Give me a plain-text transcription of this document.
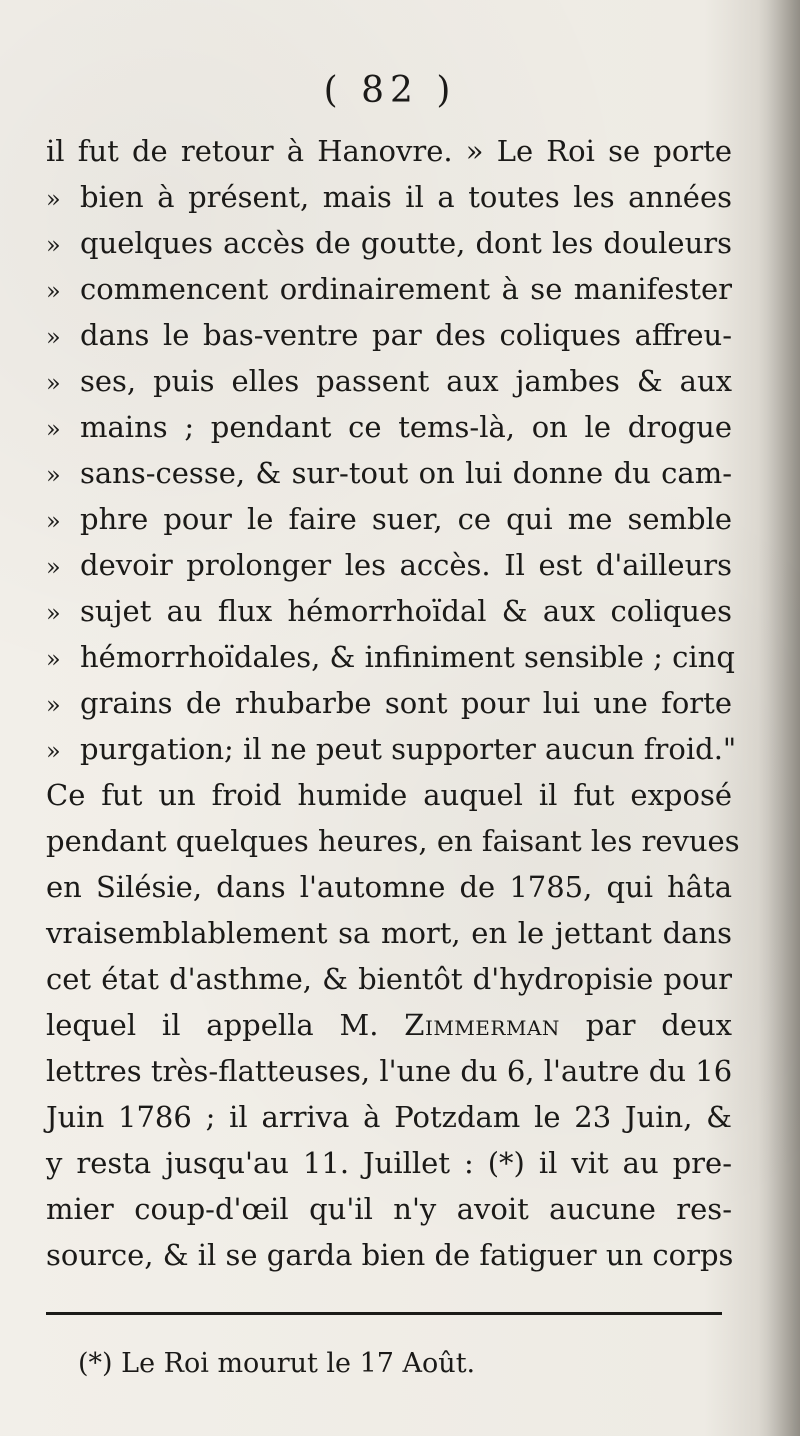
( 82 )
il fut de retour à Hanovre. » Le Roi se porte
» bien à présent, mais il a toutes les années
» quelques accès de goutte, dont les douleurs
» commencent ordinairement à se manifester
» dans le bas-ventre par des coliques affreu-
» ses, puis elles passent aux jambes & aux
» mains ; pendant ce tems-là, on le drogue
» sans-cesse, & sur-tout on lui donne du cam-
» phre pour le faire suer, ce qui me semble
» devoir prolonger les accès. Il est d'ailleurs
» sujet au flux hémorrhoïdal & aux coliques
» hémorrhoïdales, & infiniment sensible ; cinq
» grains de rhubarbe sont pour lui une forte
» purgation; il ne peut supporter aucun froid."
Ce fut un froid humide auquel il fut exposé
pendant quelques heures, en faisant les revues
en Silésie, dans l'automne de 1785, qui hâta
vraisemblablement sa mort, en le jettant dans
cet état d'asthme, & bientôt d'hydropisie pour
lequel il appella M. Zimmerman par deux
lettres très-flatteuses, l'une du 6, l'autre du 16
Juin 1786 ; il arriva à Potzdam le 23 Juin, &
y resta jusqu'au 11. Juillet : (*) il vit au pre-
mier coup-d'œil qu'il n'y avoit aucune res-
source, & il se garda bien de fatiguer un corps
(*) Le Roi mourut le 17 Août.
